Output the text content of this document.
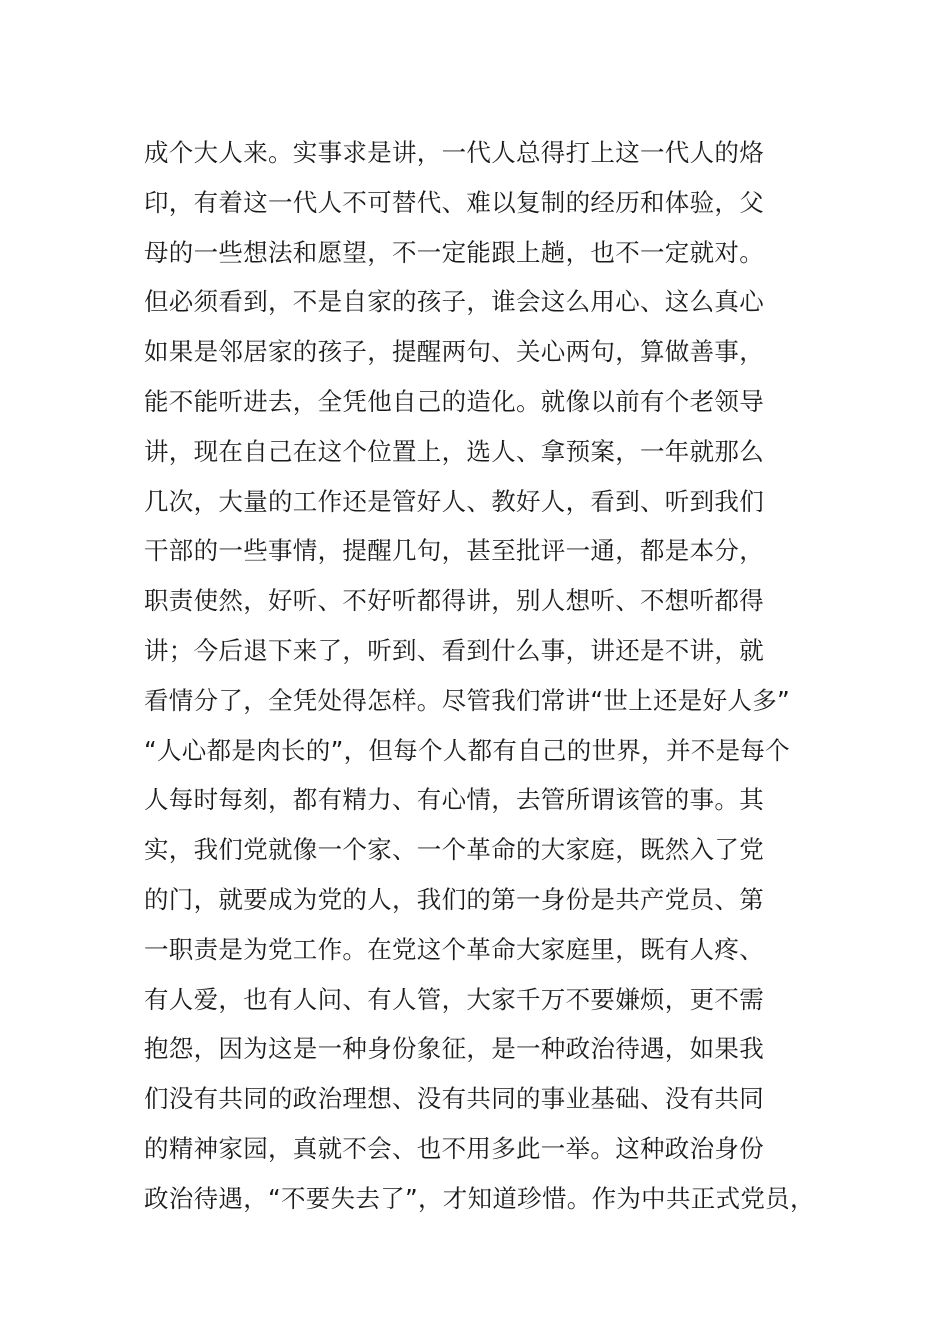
成个大人来。实事求是讲，一代人总得打上这一代人的烙
印，有着这一代人不可替代、难以复制的经历和体验，父
母的一些想法和愿望，不一定能跟上趟，也不一定就对。
但必须看到，不是自家的孩子，谁会这么用心、这么真心
如果是邻居家的孩子，提醒两句、关心两句，算做善事，
能不能听进去，全凭他自己的造化。就像以前有个老领导
讲，现在自己在这个位置上，选人、拿预案，一年就那么
几次，大量的工作还是管好人、教好人，看到、听到我们
干部的一些事情，提醒几句，甚至批评一通，都是本分，
职责使然，好听、不好听都得讲，别人想听、不想听都得
讲；今后退下来了，听到、看到什么事，讲还是不讲，就
看情分了，全凭处得怎样。尽管我们常讲“世上还是好人多”
“人心都是肉长的”，但每个人都有自己的世界，并不是每个
人每时每刻，都有精力、有心情，去管所谓该管的事。其
实，我们党就像一个家、一个革命的大家庭，既然入了党
的门，就要成为党的人，我们的第一身份是共产党员、第
一职责是为党工作。在党这个革命大家庭里，既有人疼、
有人爱，也有人问、有人管，大家千万不要嫌烦，更不需
抱怨，因为这是一种身份象征，是一种政治待遇，如果我
们没有共同的政治理想、没有共同的事业基础、没有共同
的精神家园，真就不会、也不用多此一举。这种政治身份
政治待遇，“不要失去了”，才知道珍惜。作为中共正式党员，
